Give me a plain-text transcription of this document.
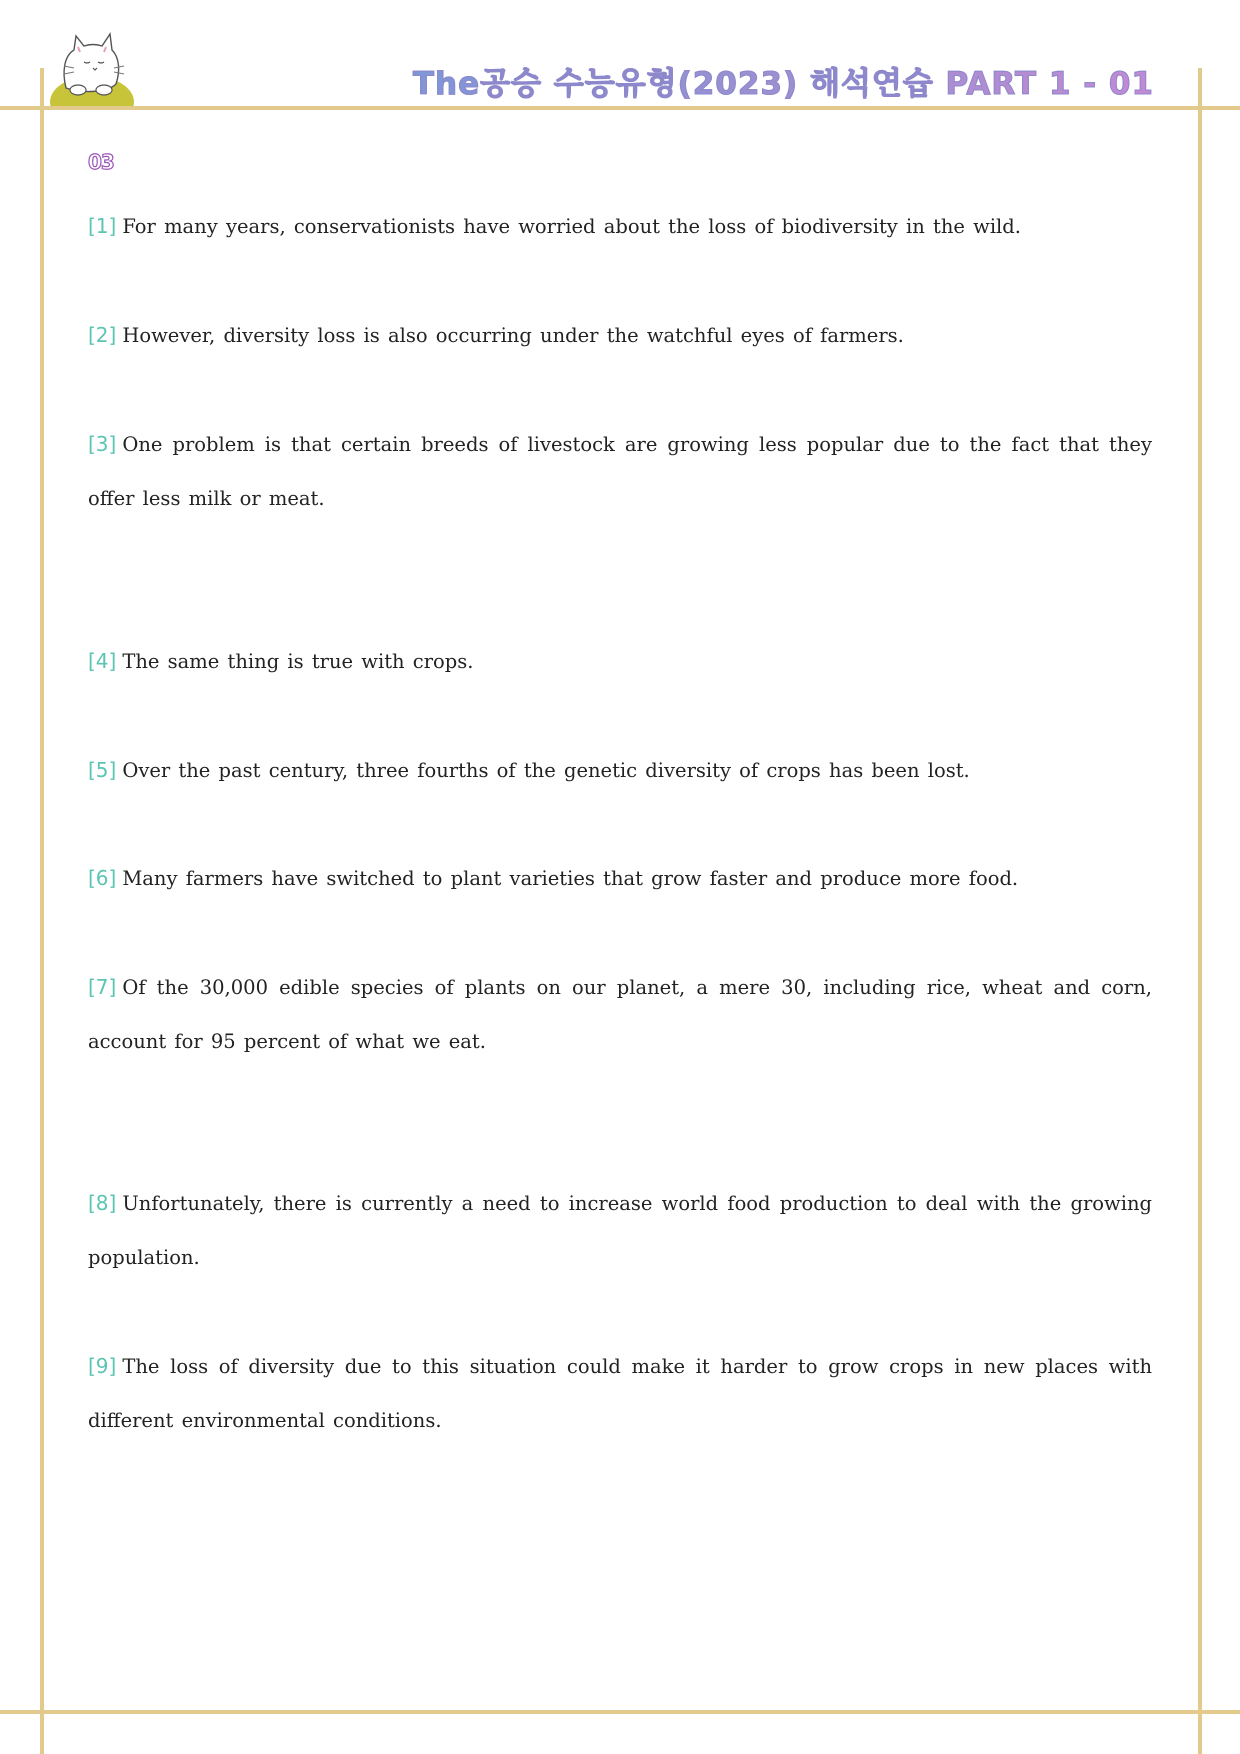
The공승 수능유형(2023) 해석연습 PART 1 - 01
03
[1] For many years, conservationists have worried about the loss of biodiversity in the wild.
[2] However, diversity loss is also occurring under the watchful eyes of farmers.
[3] One problem is that certain breeds of livestock are growing less popular due to the fact that they offer less milk or meat.
[4] The same thing is true with crops.
[5] Over the past century, three fourths of the genetic diversity of crops has been lost.
[6] Many farmers have switched to plant varieties that grow faster and produce more food.
[7] Of the 30,000 edible species of plants on our planet, a mere 30, including rice, wheat and corn, account for 95 percent of what we eat.
[8] Unfortunately, there is currently a need to increase world food production to deal with the growing population.
[9] The loss of diversity due to this situation could make it harder to grow crops in new places with different environmental conditions.
